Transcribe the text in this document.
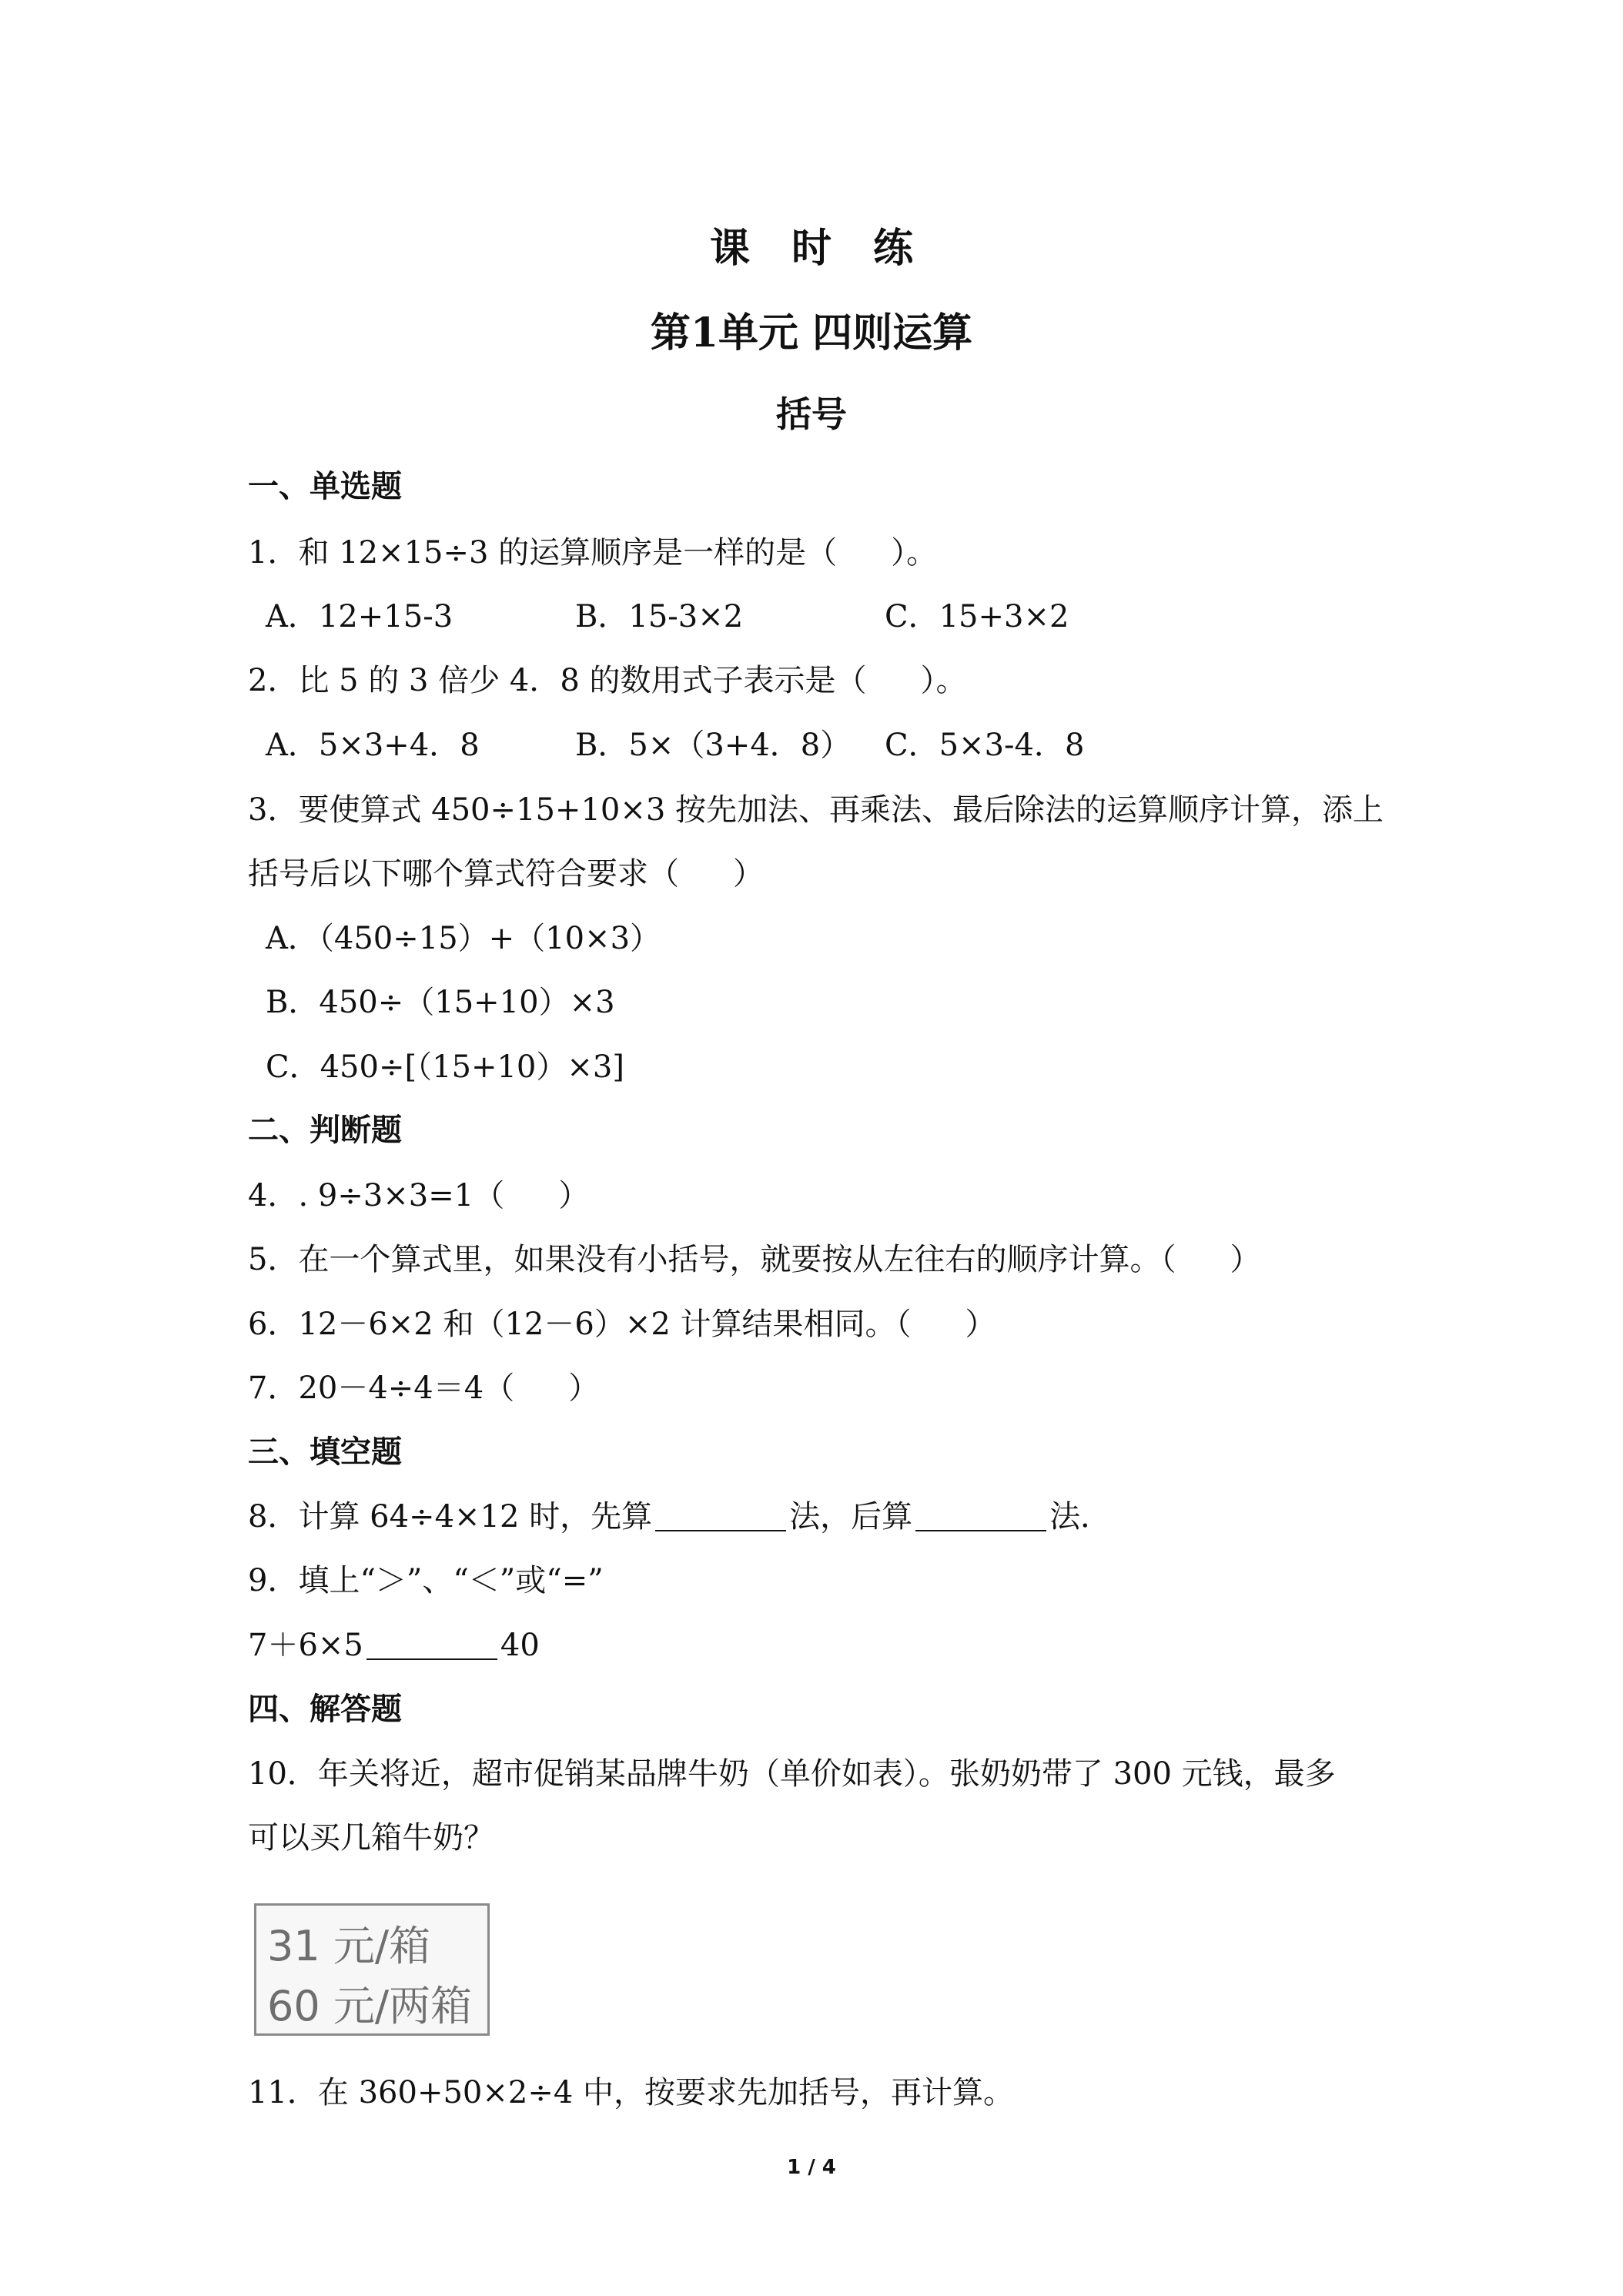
课时练
第1单元 四则运算
括号
一、单选题
1．和 12×15÷3 的运算顺序是一样的是（ ）。
A．12+15-3	B．15-3×2	C．15+3×2
2．比 5 的 3 倍少 4．8 的数用式子表示是（ ）。
A．5×3+4．8	B．5×（3+4．8） C．5×3-4．8
3．要使算式 450÷15+10×3 按先加法、再乘法、最后除法的运算顺序计算，添上
括号后以下哪个算式符合要求（ ）
A．（450÷15）+（10×3）
B．450÷（15+10）×3
C．450÷[（15+10）×3]
二、判断题
4．. 9÷3×3=1（ ）
5．在一个算式里，如果没有小括号，就要按从左往右的顺序计算。（ ）
6．12－6×2 和（12－6）×2 计算结果相同。（ ）
7．20－4÷4＝4（ ）
三、填空题
8．计算 64÷4×12 时，先算	法，后算	法．
9．填上“＞”、“＜”或“=”
7＋6×5	40
四、解答题
10．年关将近，超市促销某品牌牛奶（单价如表）。张奶奶带了 300 元钱，最多
可以买几箱牛奶？
31 元/箱
60 元/两箱
11．在 360+50×2÷4 中，按要求先加括号，再计算。
1 / 4
